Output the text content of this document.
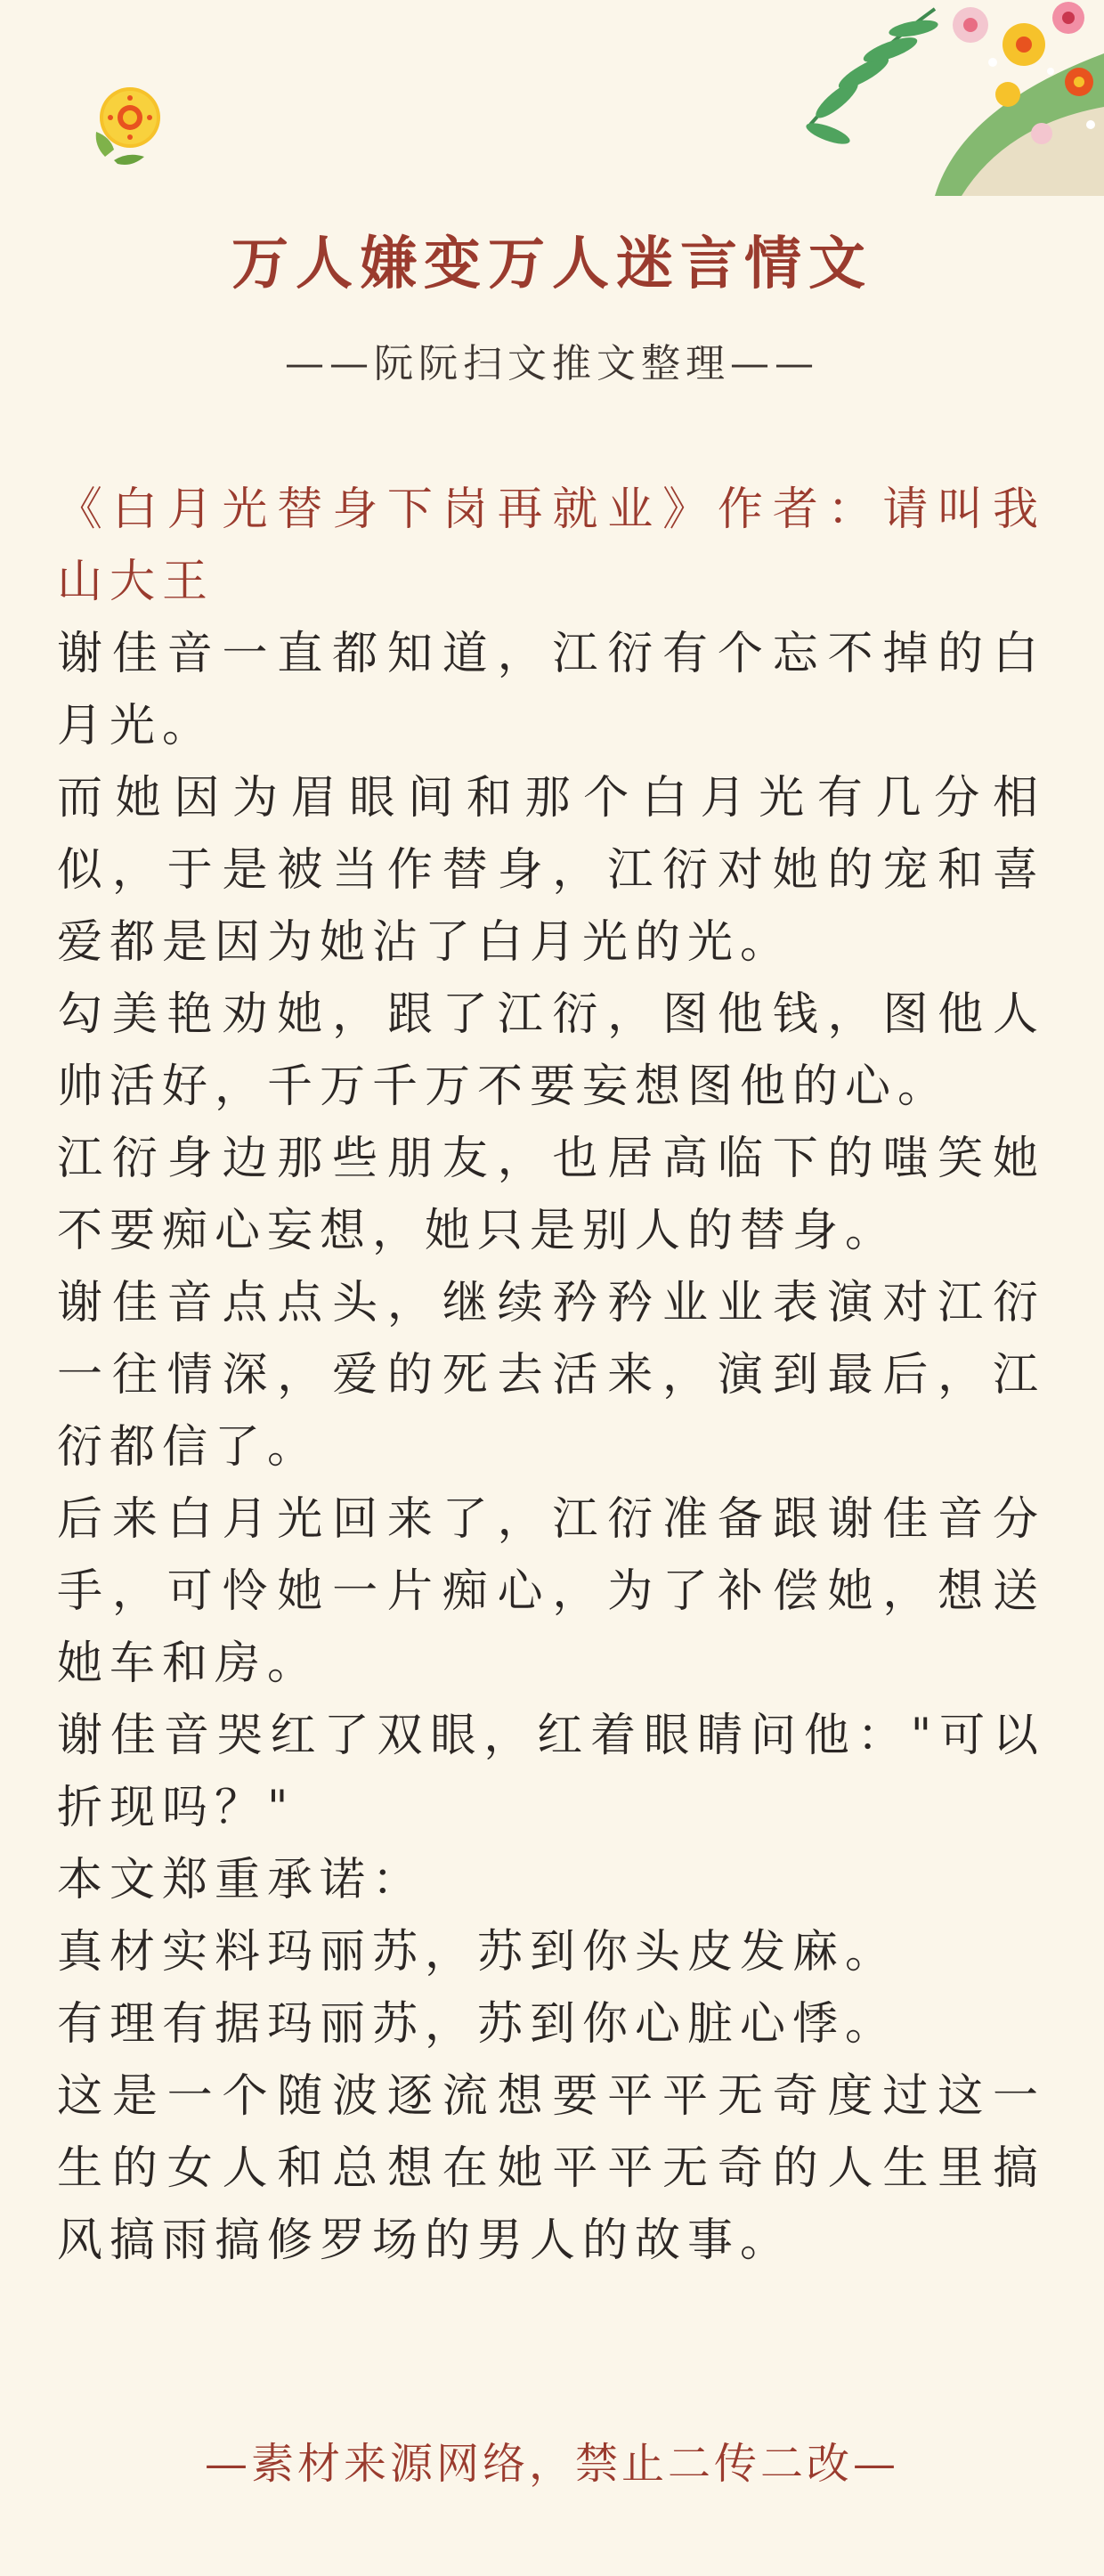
万人嫌变万人迷言情文
——阮阮扫文推文整理——

《白月光替身下岗再就业》作者：请叫我山大王

谢佳音一直都知道，江衍有个忘不掉的白月光。

而她因为眉眼间和那个白月光有几分相似，于是被当作替身，江衍对她的宠和喜爱都是因为她沾了白月光的光。

勾美艳劝她，跟了江衍，图他钱，图他人帅活好，千万千万不要妄想图他的心。

江衍身边那些朋友，也居高临下的嗤笑她不要痴心妄想，她只是别人的替身。

谢佳音点点头，继续矜矜业业表演对江衍一往情深，爱的死去活来，演到最后，江衍都信了。

后来白月光回来了，江衍准备跟谢佳音分手，可怜她一片痴心，为了补偿她，想送她车和房。

谢佳音哭红了双眼，红着眼睛问他："可以折现吗？"

本文郑重承诺：

真材实料玛丽苏，苏到你头皮发麻。

有理有据玛丽苏，苏到你心脏心悸。

这是一个随波逐流想要平平无奇度过这一生的女人和总想在她平平无奇的人生里搞风搞雨搞修罗场的男人的故事。

—素材来源网络，禁止二传二改—
